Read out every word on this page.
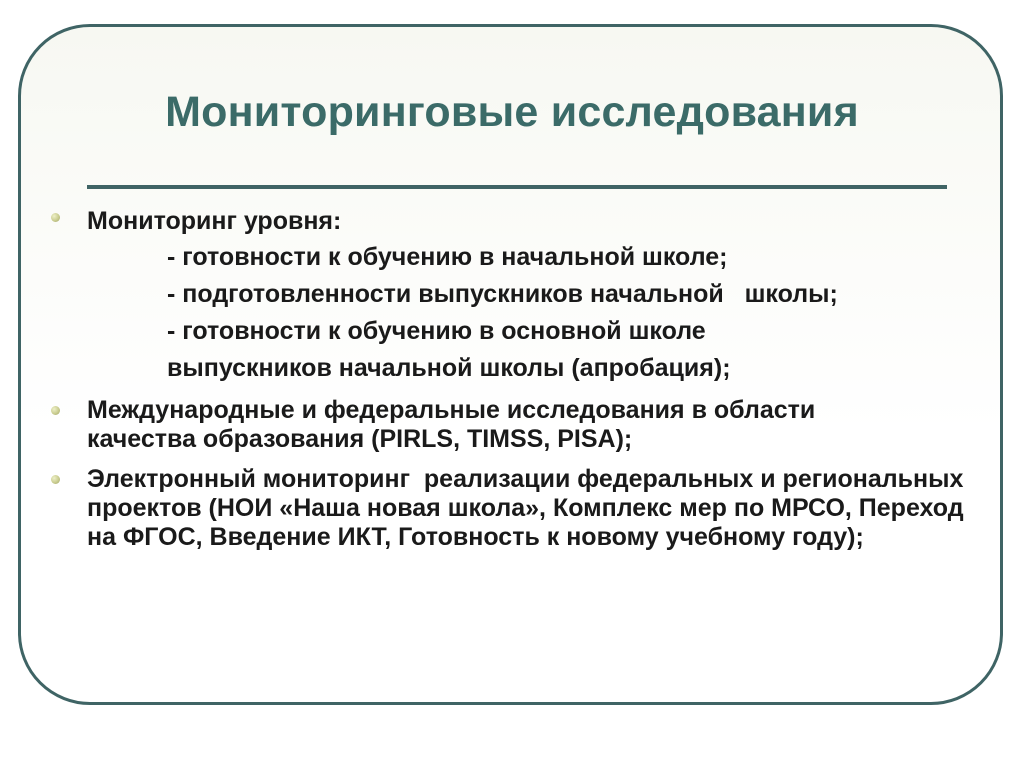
Мониторинговые исследования
Мониторинг уровня:
- готовности к обучению в начальной школе;
- подготовленности выпускников начальной   школы;
- готовности к обучению в основной школе
выпускников начальной школы (апробация);
Международные и федеральные исследования в области качества образования (PIRLS, TIMSS, PISA);
Электронный мониторинг  реализации федеральных и региональных проектов (НОИ «Наша новая школа», Комплекс мер по МРСО, Переход на ФГОС, Введение ИКТ, Готовность к новому учебному году);
